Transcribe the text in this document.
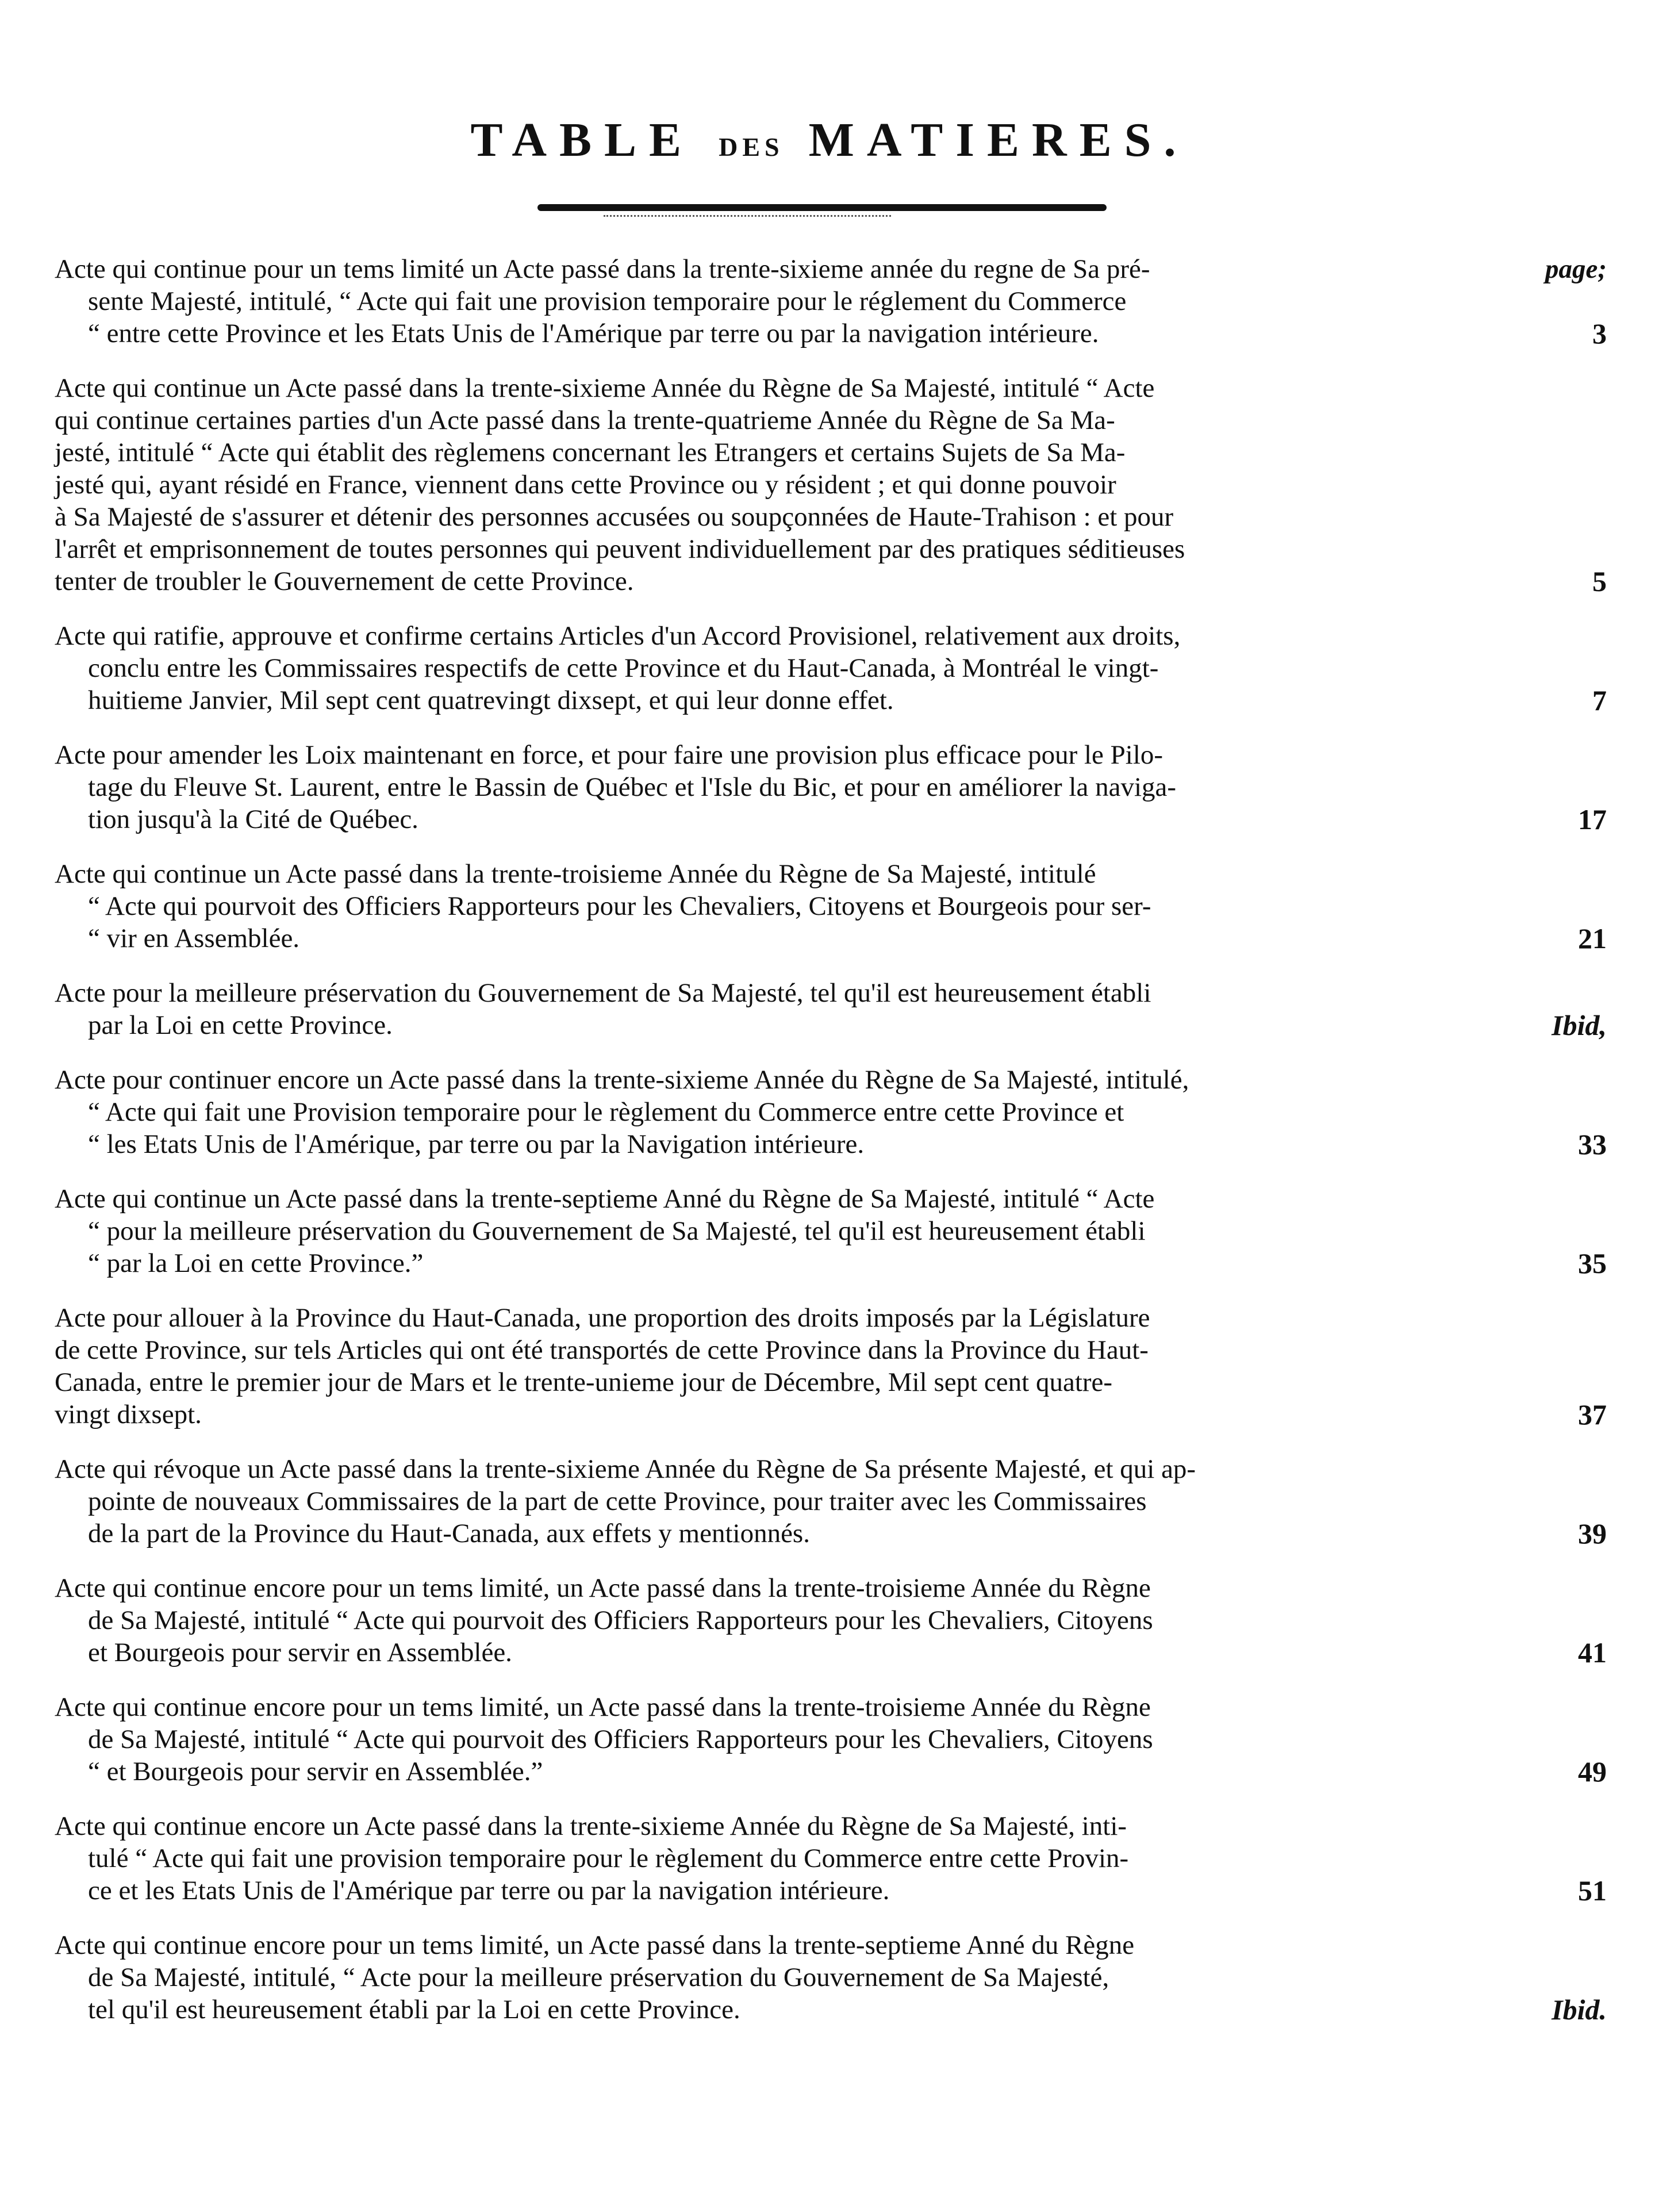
TABLE DES MATIERES.
page;
Acte qui continue pour un tems limité un Acte passé dans la trente-sixieme année du regne de Sa pré-
sente Majesté, intitulé, “ Acte qui fait une provision temporaire pour le réglement du Commerce
“ entre cette Province et les Etats Unis de l'Amérique par terre ou par la navigation intérieure.	3
Acte qui continue un Acte passé dans la trente-sixieme Année du Règne de Sa Majesté, intitulé “ Acte
qui continue certaines parties d'un Acte passé dans la trente-quatrieme Année du Règne de Sa Ma-
jesté, intitulé “ Acte qui établit des règlemens concernant les Etrangers et certains Sujets de Sa Ma-
jesté qui, ayant résidé en France, viennent dans cette Province ou y résident ; et qui donne pouvoir
à Sa Majesté de s'assurer et détenir des personnes accusées ou soupçonnées de Haute-Trahison : et pour
l'arrêt et emprisonnement de toutes personnes qui peuvent individuellement par des pratiques séditieuses
tenter de troubler le Gouvernement de cette Province.	5
Acte qui ratifie, approuve et confirme certains Articles d'un Accord Provisionel, relativement aux droits,
conclu entre les Commissaires respectifs de cette Province et du Haut-Canada, à Montréal le vingt-
huitieme Janvier, Mil sept cent quatrevingt dixsept, et qui leur donne effet.	7
Acte pour amender les Loix maintenant en force, et pour faire une provision plus efficace pour le Pilo-
tage du Fleuve St. Laurent, entre le Bassin de Québec et l'Isle du Bic, et pour en améliorer la naviga-
tion jusqu'à la Cité de Québec.	17
Acte qui continue un Acte passé dans la trente-troisieme Année du Règne de Sa Majesté, intitulé
“ Acte qui pourvoit des Officiers Rapporteurs pour les Chevaliers, Citoyens et Bourgeois pour ser-
“ vir en Assemblée.	21
Acte pour la meilleure préservation du Gouvernement de Sa Majesté, tel qu'il est heureusement établi
par la Loi en cette Province.	Ibid,
Acte pour continuer encore un Acte passé dans la trente-sixieme Année du Règne de Sa Majesté, intitulé,
“ Acte qui fait une Provision temporaire pour le règlement du Commerce entre cette Province et
“ les Etats Unis de l'Amérique, par terre ou par la Navigation intérieure.	33
Acte qui continue un Acte passé dans la trente-septieme Anné du Règne de Sa Majesté, intitulé “ Acte
“ pour la meilleure préservation du Gouvernement de Sa Majesté, tel qu'il est heureusement établi
“ par la Loi en cette Province.”	35
Acte pour allouer à la Province du Haut-Canada, une proportion des droits imposés par la Législature
de cette Province, sur tels Articles qui ont été transportés de cette Province dans la Province du Haut-
Canada, entre le premier jour de Mars et le trente-unieme jour de Décembre, Mil sept cent quatre-
vingt dixsept.	37
Acte qui révoque un Acte passé dans la trente-sixieme Année du Règne de Sa présente Majesté, et qui ap-
pointe de nouveaux Commissaires de la part de cette Province, pour traiter avec les Commissaires
de la part de la Province du Haut-Canada, aux effets y mentionnés.	39
Acte qui continue encore pour un tems limité, un Acte passé dans la trente-troisieme Année du Règne
de Sa Majesté, intitulé “ Acte qui pourvoit des Officiers Rapporteurs pour les Chevaliers, Citoyens
et Bourgeois pour servir en Assemblée.	41
Acte qui continue encore pour un tems limité, un Acte passé dans la trente-troisieme Année du Règne
de Sa Majesté, intitulé “ Acte qui pourvoit des Officiers Rapporteurs pour les Chevaliers, Citoyens
“ et Bourgeois pour servir en Assemblée.”	49
Acte qui continue encore un Acte passé dans la trente-sixieme Année du Règne de Sa Majesté, inti-
tulé “ Acte qui fait une provision temporaire pour le règlement du Commerce entre cette Provin-
ce et les Etats Unis de l'Amérique par terre ou par la navigation intérieure.	51
Acte qui continue encore pour un tems limité, un Acte passé dans la trente-septieme Anné du Règne
de Sa Majesté, intitulé, “ Acte pour la meilleure préservation du Gouvernement de Sa Majesté,
tel qu'il est heureusement établi par la Loi en cette Province.	Ibid.
